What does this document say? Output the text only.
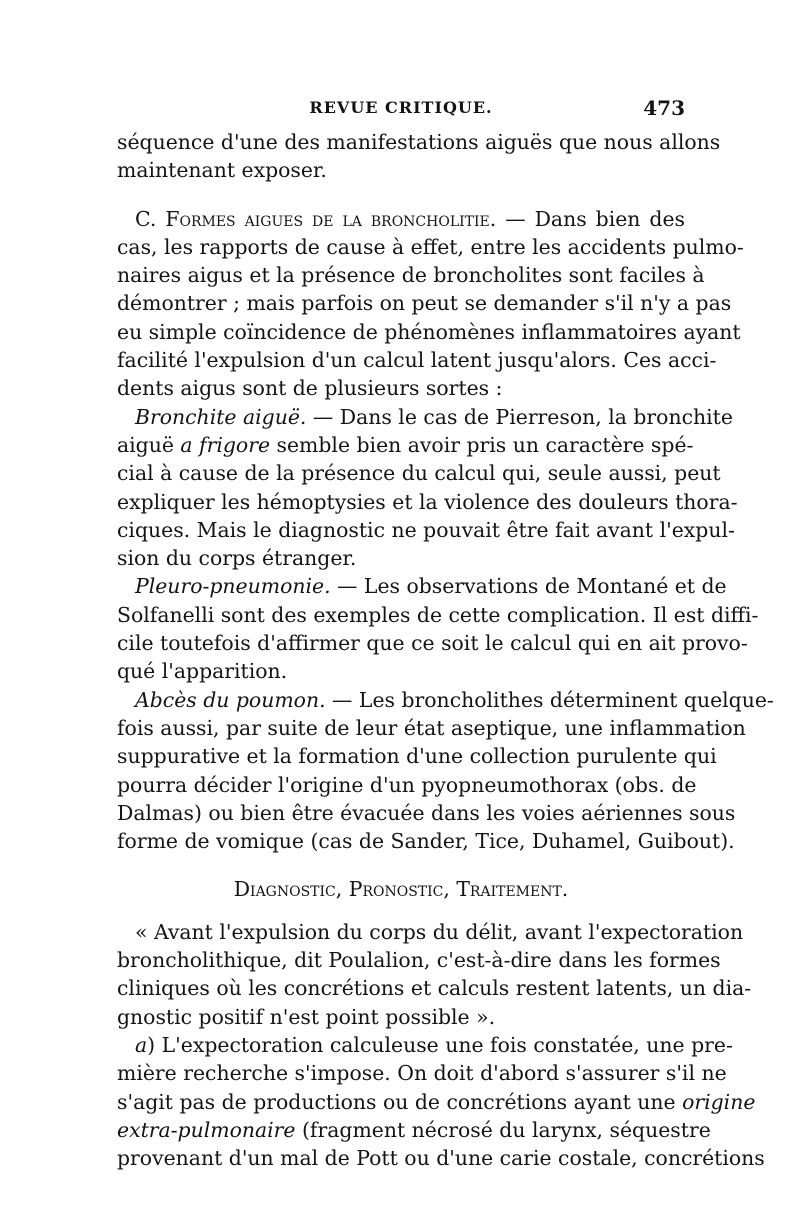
REVUE CRITIQUE.	473
séquence d'une des manifestations aiguës que nous allons
maintenant exposer.
C. Formes aigues de la broncholitie. — Dans bien des
cas, les rapports de cause à effet, entre les accidents pulmo-
naires aigus et la présence de broncholites sont faciles à
démontrer ; mais parfois on peut se demander s'il n'y a pas
eu simple coïncidence de phénomènes inflammatoires ayant
facilité l'expulsion d'un calcul latent jusqu'alors. Ces acci-
dents aigus sont de plusieurs sortes :
Bronchite aiguë. — Dans le cas de Pierreson, la bronchite
aiguë a frigore semble bien avoir pris un caractère spé-
cial à cause de la présence du calcul qui, seule aussi, peut
expliquer les hémoptysies et la violence des douleurs thora-
ciques. Mais le diagnostic ne pouvait être fait avant l'expul-
sion du corps étranger.
Pleuro-pneumonie. — Les observations de Montané et de
Solfanelli sont des exemples de cette complication. Il est diffi-
cile toutefois d'affirmer que ce soit le calcul qui en ait provo-
qué l'apparition.
Abcès du poumon. — Les broncholithes déterminent quelque-
fois aussi, par suite de leur état aseptique, une inflammation
suppurative et la formation d'une collection purulente qui
pourra décider l'origine d'un pyopneumothorax (obs. de
Dalmas) ou bien être évacuée dans les voies aériennes sous
forme de vomique (cas de Sander, Tice, Duhamel, Guibout).
Diagnostic, Pronostic, Traitement.
« Avant l'expulsion du corps du délit, avant l'expectoration
broncholithique, dit Poulalion, c'est-à-dire dans les formes
cliniques où les concrétions et calculs restent latents, un dia-
gnostic positif n'est point possible ».
a) L'expectoration calculeuse une fois constatée, une pre-
mière recherche s'impose. On doit d'abord s'assurer s'il ne
s'agit pas de productions ou de concrétions ayant une origine
extra-pulmonaire (fragment nécrosé du larynx, séquestre
provenant d'un mal de Pott ou d'une carie costale, concrétions
